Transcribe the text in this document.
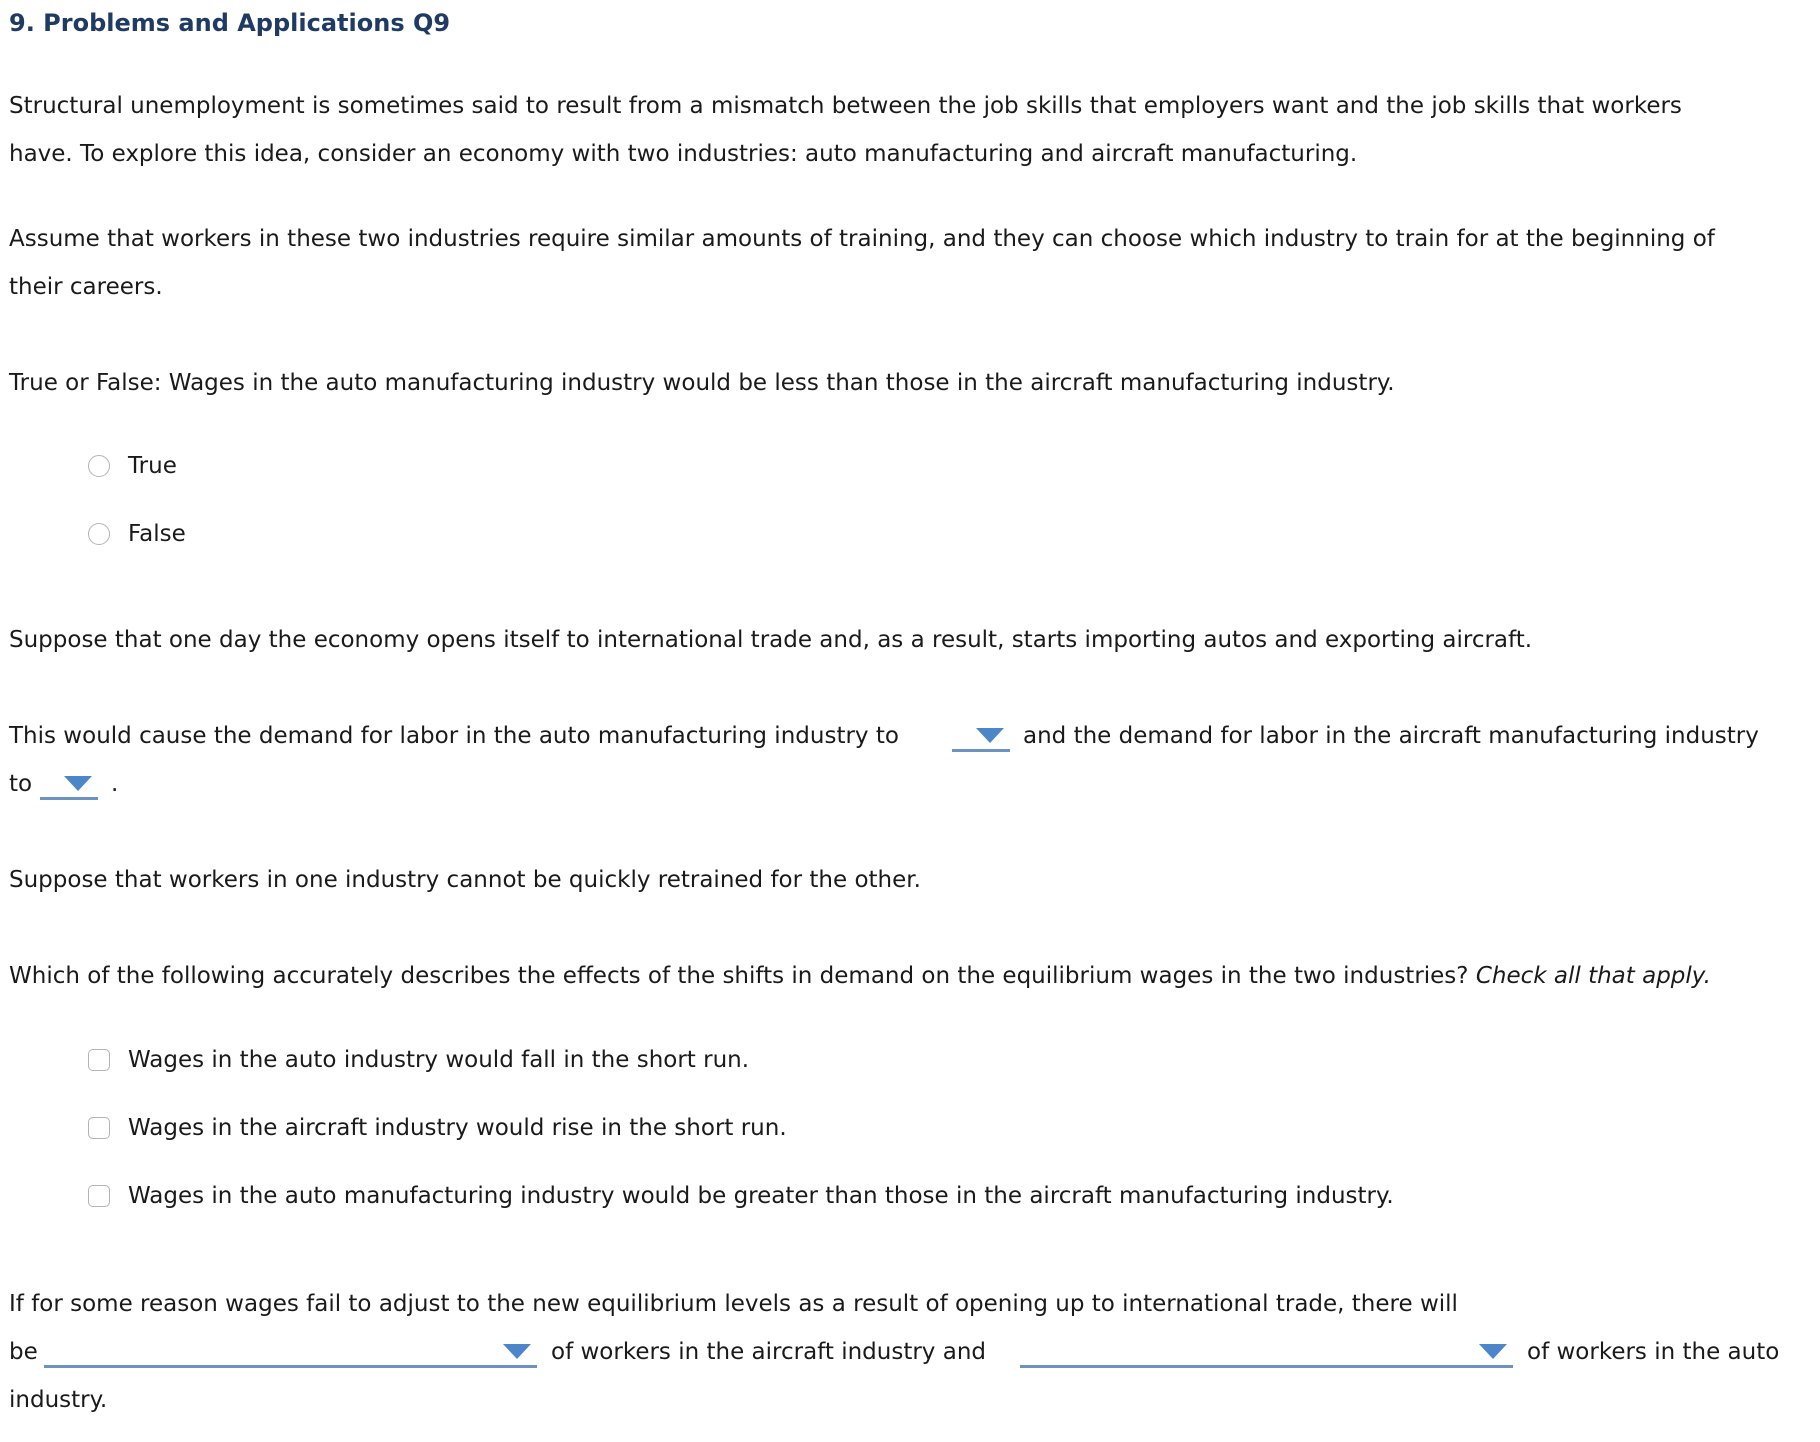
9. Problems and Applications Q9
Structural unemployment is sometimes said to result from a mismatch between the job skills that employers want and the job skills that workers
have. To explore this idea, consider an economy with two industries: auto manufacturing and aircraft manufacturing.
Assume that workers in these two industries require similar amounts of training, and they can choose which industry to train for at the beginning of
their careers.
True or False: Wages in the auto manufacturing industry would be less than those in the aircraft manufacturing industry.
True
False
Suppose that one day the economy opens itself to international trade and, as a result, starts importing autos and exporting aircraft.
This would cause the demand for labor in the auto manufacturing industry to	and the demand for labor in the aircraft manufacturing industry
to	.
Suppose that workers in one industry cannot be quickly retrained for the other.
Which of the following accurately describes the effects of the shifts in demand on the equilibrium wages in the two industries? Check all that apply.
Wages in the auto industry would fall in the short run.
Wages in the aircraft industry would rise in the short run.
Wages in the auto manufacturing industry would be greater than those in the aircraft manufacturing industry.
If for some reason wages fail to adjust to the new equilibrium levels as a result of opening up to international trade, there will
be	of workers in the aircraft industry and	of workers in the auto
industry.
